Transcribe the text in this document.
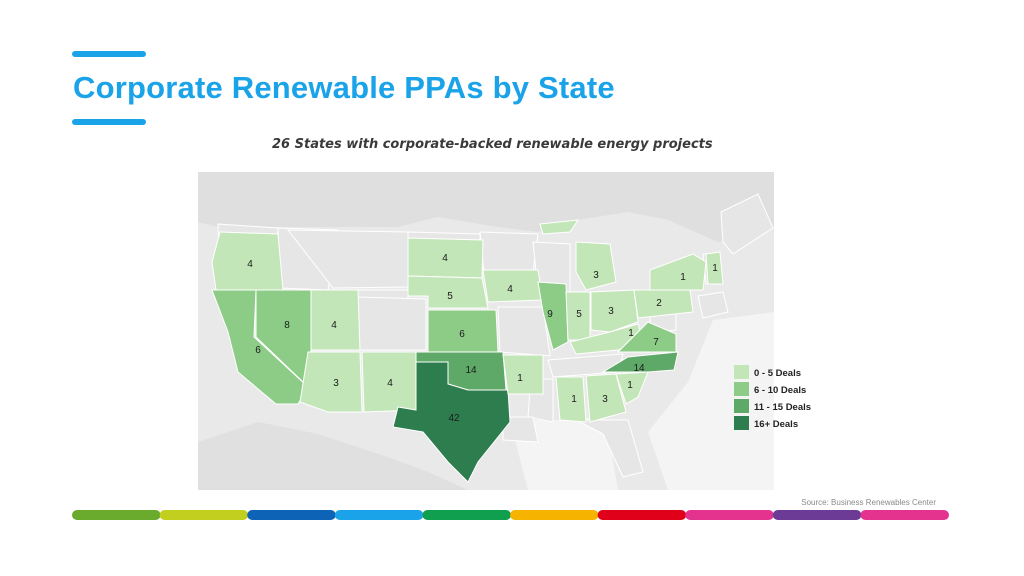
Corporate Renewable PPAs by State
26 States with corporate-backed renewable energy projects
4
6
8	4
3	4
4
5
6
14
42
4
1
9 5
3
3
1
1	3
1
14
7
2
1
1
0 - 5 Deals
6 - 10 Deals
11 - 15 Deals
16+ Deals
Source: Business Renewables Center
